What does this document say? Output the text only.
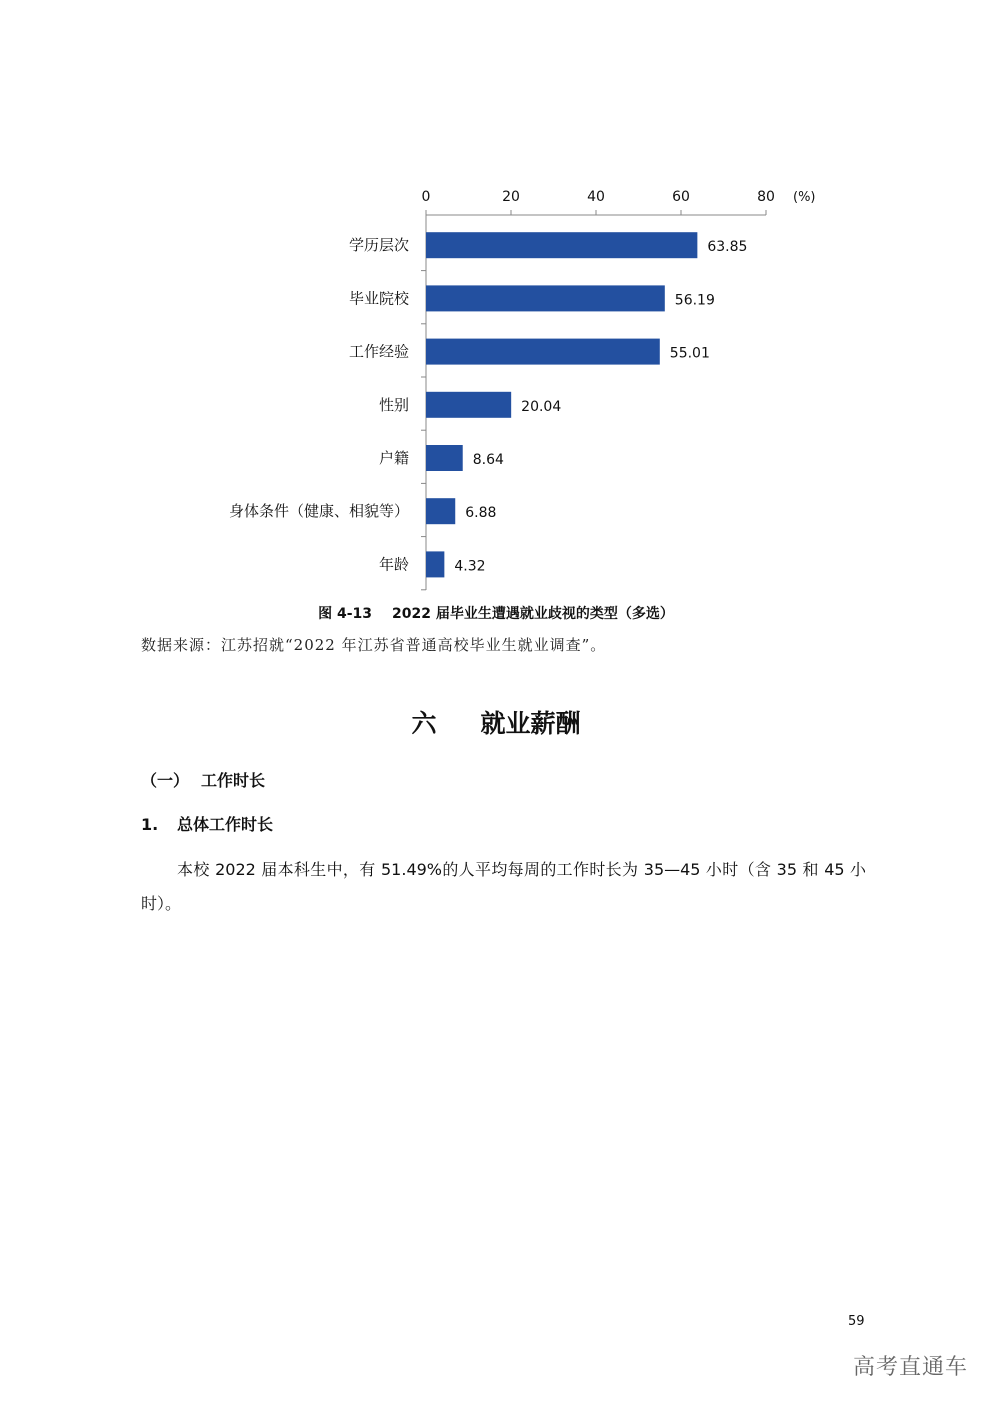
(%)
0	20	40	60	80
学历层次	63.85
毕业院校	56.19
工作经验	55.01
性别	20.04
户籍	8.64
身体条件（健康、相貌等）	6.88
年龄	4.32
图 4-13 2022 届毕业生遭遇就业歧视的类型（多选）
数据来源：江苏招就“2022 年江苏省普通高校毕业生就业调查”。
六 就业薪酬
（一） 工作时长
1. 总体工作时长
本校 2022 届本科生中，有 51.49%的人平均每周的工作时长为 35—45 小时（含 35 和 45 小时）。
59
高考直通车
